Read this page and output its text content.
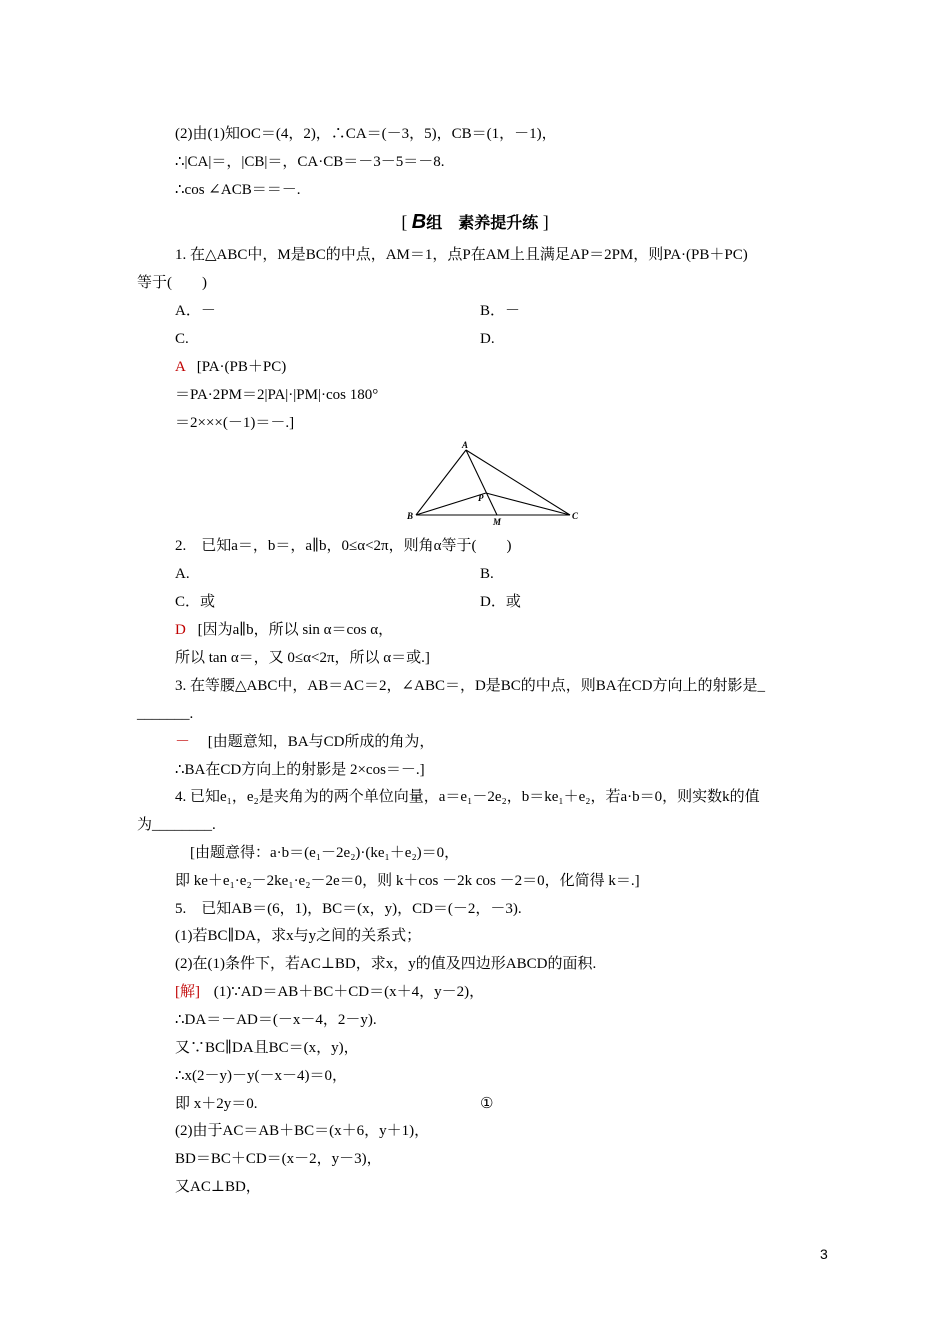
(2)由(1)知OC＝(4，2)，∴CA＝(－3，5)，CB＝(1，－1)，
∴|CA|＝，|CB|＝，CA·CB＝－3－5＝－8.
∴cos ∠ACB＝＝－.
[ B组　素养提升练 ]
1. 在△ABC中，M是BC的中点，AM＝1，点P在AM上且满足AP＝2PM，则PA·(PB＋PC)
等于(　　)
A．－	B．－
C.	D.
A [PA·(PB＋PC)
＝PA·2PM＝2|PA|·|PM|·cos 180°
＝2×××(－1)＝－.]
A
B	C
P
M
2.　已知a＝，b＝，a∥b，0≤α<2π，则角α等于(　　)
A.	B.
C．或	D．或
D [因为a∥b，所以 sin α＝cos α，
所以 tan α＝，又 0≤α<2π，所以 α＝或.]
3. 在等腰△ABC中，AB＝AC＝2，∠ABC＝，D是BC的中点，则BA在CD方向上的射影是_
_______.
－ [由题意知，BA与CD所成的角为，
∴BA在CD方向上的射影是 2×cos＝－.]
4. 已知e₁，e₂是夹角为的两个单位向量，a＝e₁－2e₂，b＝ke₁＋e₂，若a·b＝0，则实数k的值
为________.
[由题意得：a·b＝(e₁－2e₂)·(ke₁＋e₂)＝0，
即 ke＋e₁·e₂－2ke₁·e₂－2e＝0，则 k＋cos －2k cos －2＝0，化简得 k＝.]
5.　已知AB＝(6，1)，BC＝(x，y)，CD＝(－2，－3).
(1)若BC∥DA，求x与y之间的关系式；
(2)在(1)条件下，若AC⊥BD，求x，y的值及四边形ABCD的面积.
[解] (1)∵AD＝AB＋BC＋CD＝(x＋4，y－2)，
∴DA＝－AD＝(－x－4，2－y).
又∵BC∥DA且BC＝(x，y)，
∴x(2－y)－y(－x－4)＝0，
即 x＋2y＝0.	①
(2)由于AC＝AB＋BC＝(x＋6，y＋1)，
BD＝BC＋CD＝(x－2，y－3)，
又AC⊥BD，
3
